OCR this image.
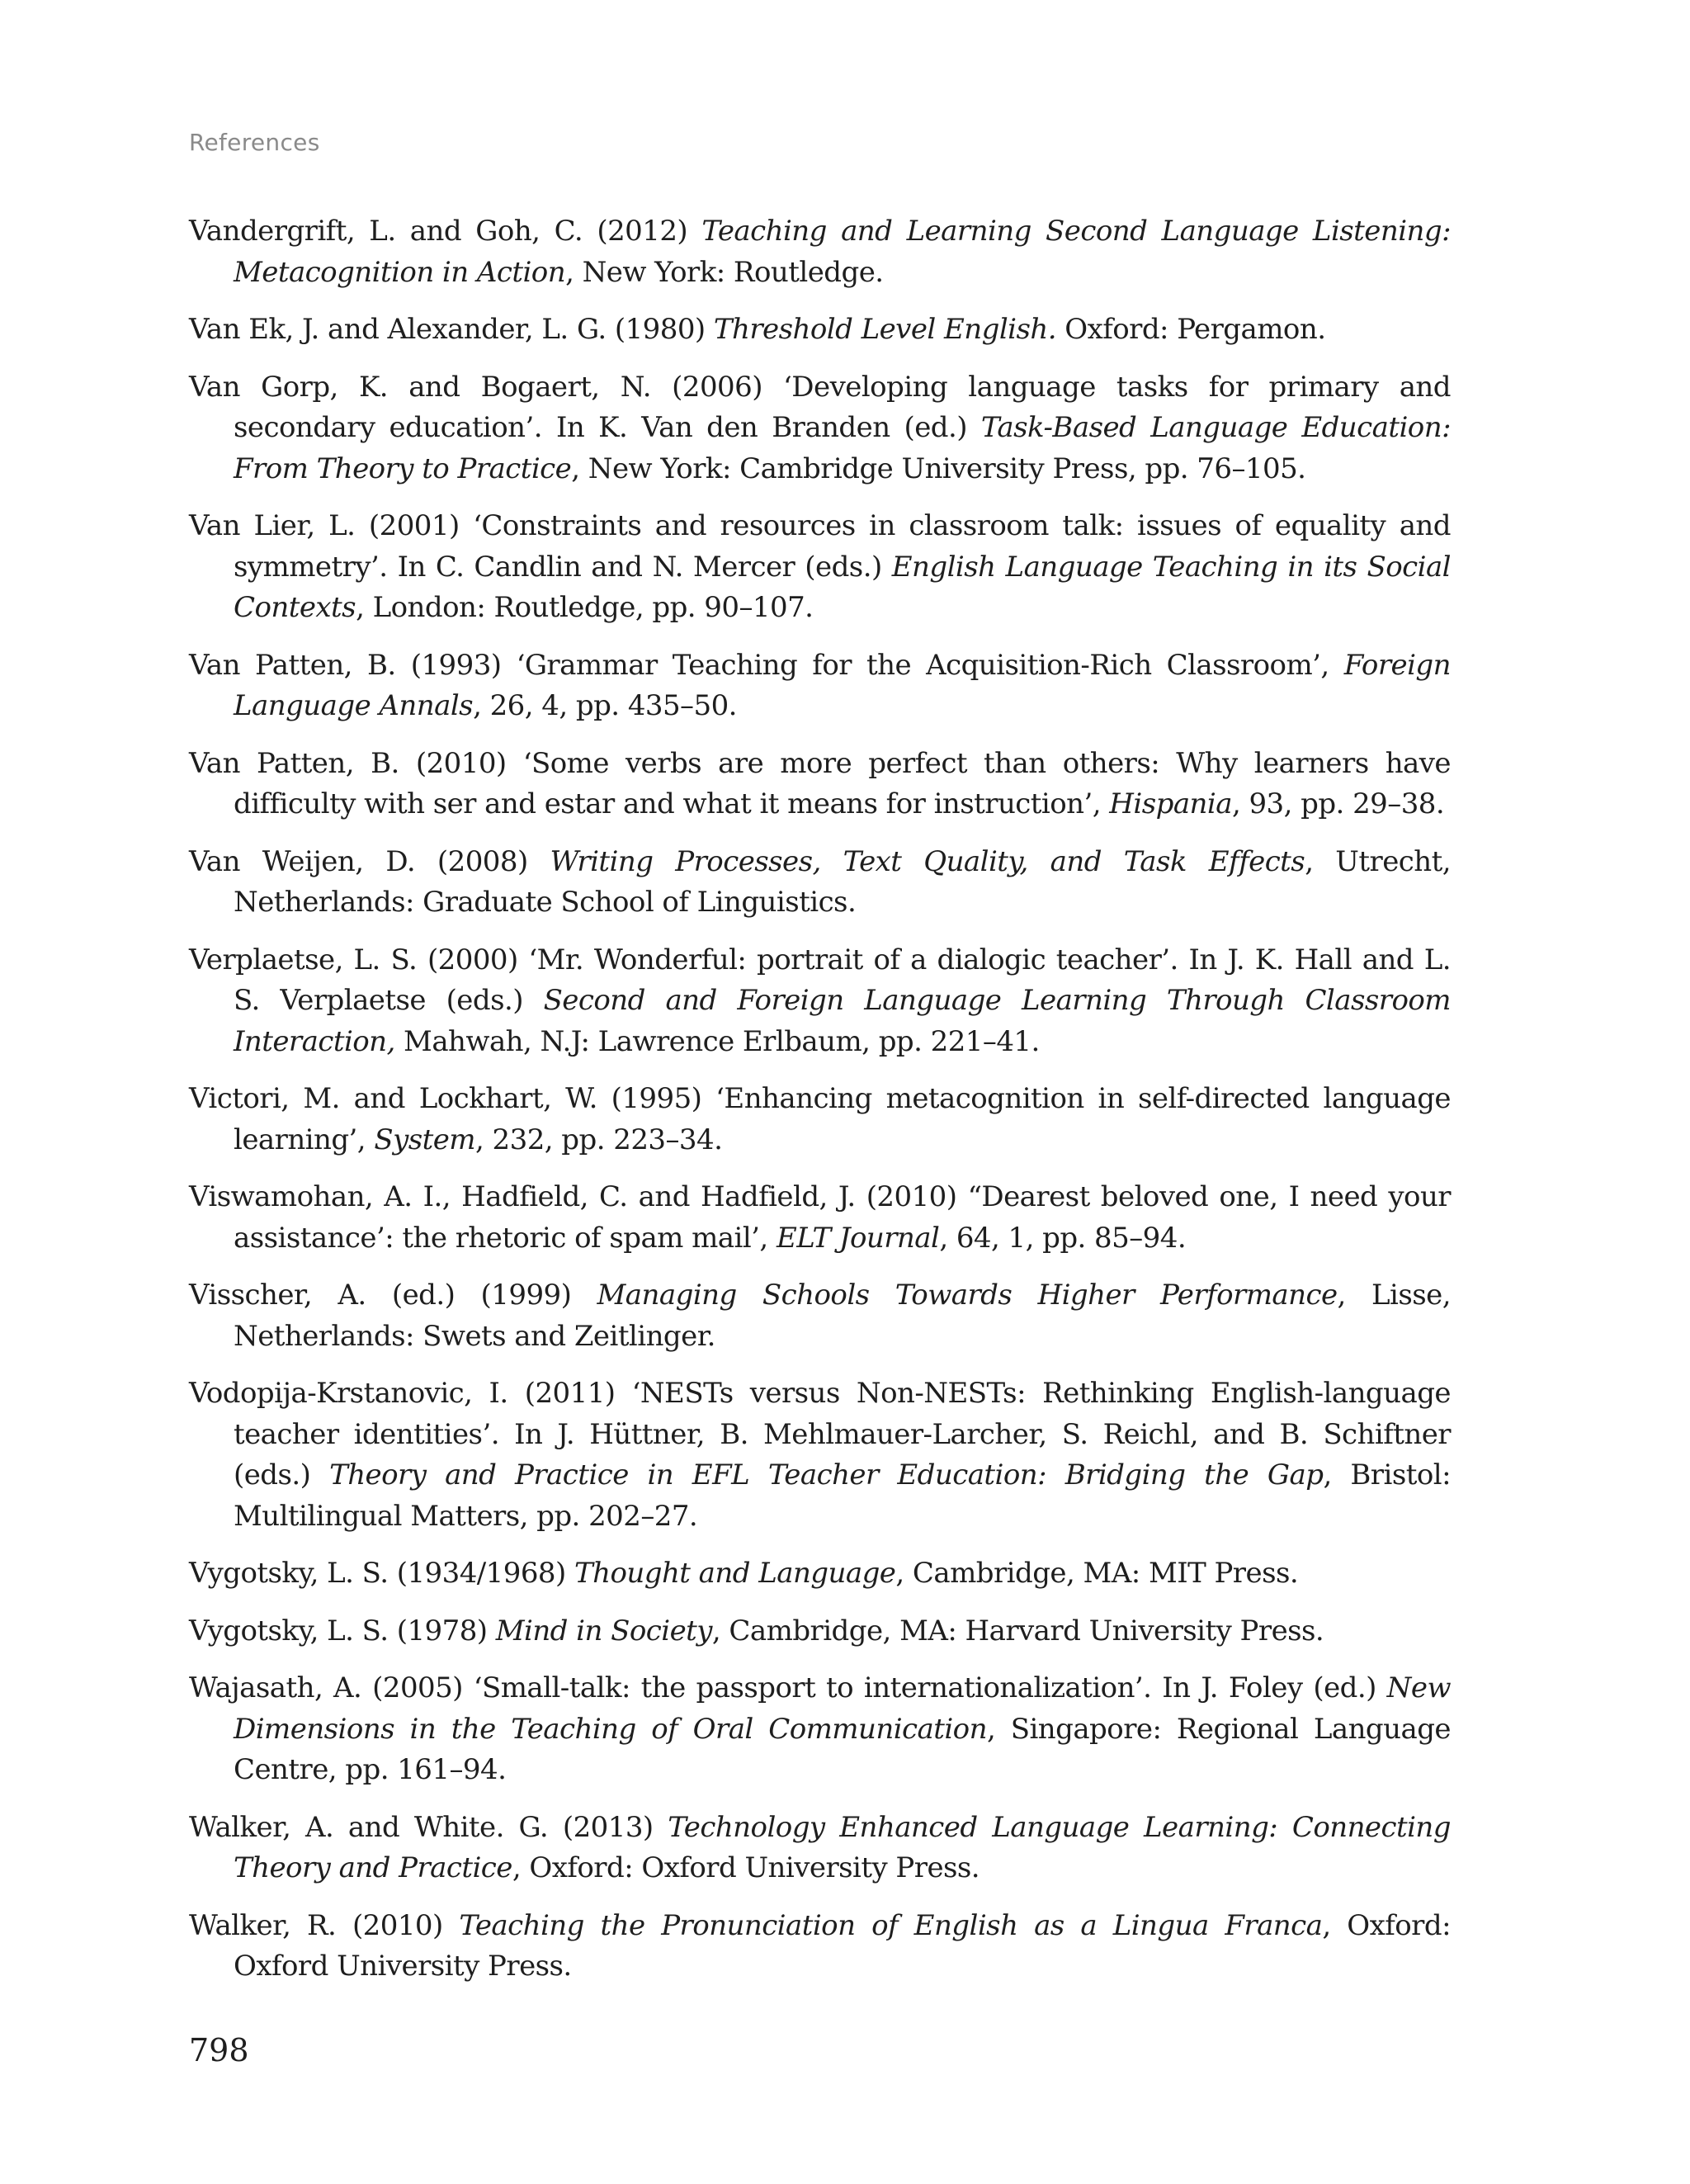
References

Vandergrift, L. and Goh, C. (2012) Teaching and Learning Second Language Listening: Metacognition in Action, New York: Routledge.

Van Ek, J. and Alexander, L. G. (1980) Threshold Level English. Oxford: Pergamon.

Van Gorp, K. and Bogaert, N. (2006) ‘Developing language tasks for primary and secondary education’. In K. Van den Branden (ed.) Task-Based Language Education: From Theory to Practice, New York: Cambridge University Press, pp. 76–105.

Van Lier, L. (2001) ‘Constraints and resources in classroom talk: issues of equality and symmetry’. In C. Candlin and N. Mercer (eds.) English Language Teaching in its Social Contexts, London: Routledge, pp. 90–107.

Van Patten, B. (1993) ‘Grammar Teaching for the Acquisition-Rich Classroom’, Foreign Language Annals, 26, 4, pp. 435–50.

Van Patten, B. (2010) ‘Some verbs are more perfect than others: Why learners have difficulty with ser and estar and what it means for instruction’, Hispania, 93, pp. 29–38.

Van Weijen, D. (2008) Writing Processes, Text Quality, and Task Effects, Utrecht, Netherlands: Graduate School of Linguistics.

Verplaetse, L. S. (2000) ‘Mr. Wonderful: portrait of a dialogic teacher’. In J. K. Hall and L. S. Verplaetse (eds.) Second and Foreign Language Learning Through Classroom Interaction, Mahwah, N.J: Lawrence Erlbaum, pp. 221–41.

Victori, M. and Lockhart, W. (1995) ‘Enhancing metacognition in self-directed language learning’, System, 232, pp. 223–34.

Viswamohan, A. I., Hadfield, C. and Hadfield, J. (2010) “Dearest beloved one, I need your assistance’: the rhetoric of spam mail’, ELT Journal, 64, 1, pp. 85–94.

Visscher, A. (ed.) (1999) Managing Schools Towards Higher Performance, Lisse, Netherlands: Swets and Zeitlinger.

Vodopija-Krstanovic, I. (2011) ‘NESTs versus Non-NESTs: Rethinking English-language teacher identities’. In J. Hüttner, B. Mehlmauer-Larcher, S. Reichl, and B. Schiftner (eds.) Theory and Practice in EFL Teacher Education: Bridging the Gap, Bristol: Multilingual Matters, pp. 202–27.

Vygotsky, L. S. (1934/1968) Thought and Language, Cambridge, MA: MIT Press.

Vygotsky, L. S. (1978) Mind in Society, Cambridge, MA: Harvard University Press.

Wajasath, A. (2005) ‘Small-talk: the passport to internationalization’. In J. Foley (ed.) New Dimensions in the Teaching of Oral Communication, Singapore: Regional Language Centre, pp. 161–94.

Walker, A. and White. G. (2013) Technology Enhanced Language Learning: Connecting Theory and Practice, Oxford: Oxford University Press.

Walker, R. (2010) Teaching the Pronunciation of English as a Lingua Franca, Oxford: Oxford University Press.

798
